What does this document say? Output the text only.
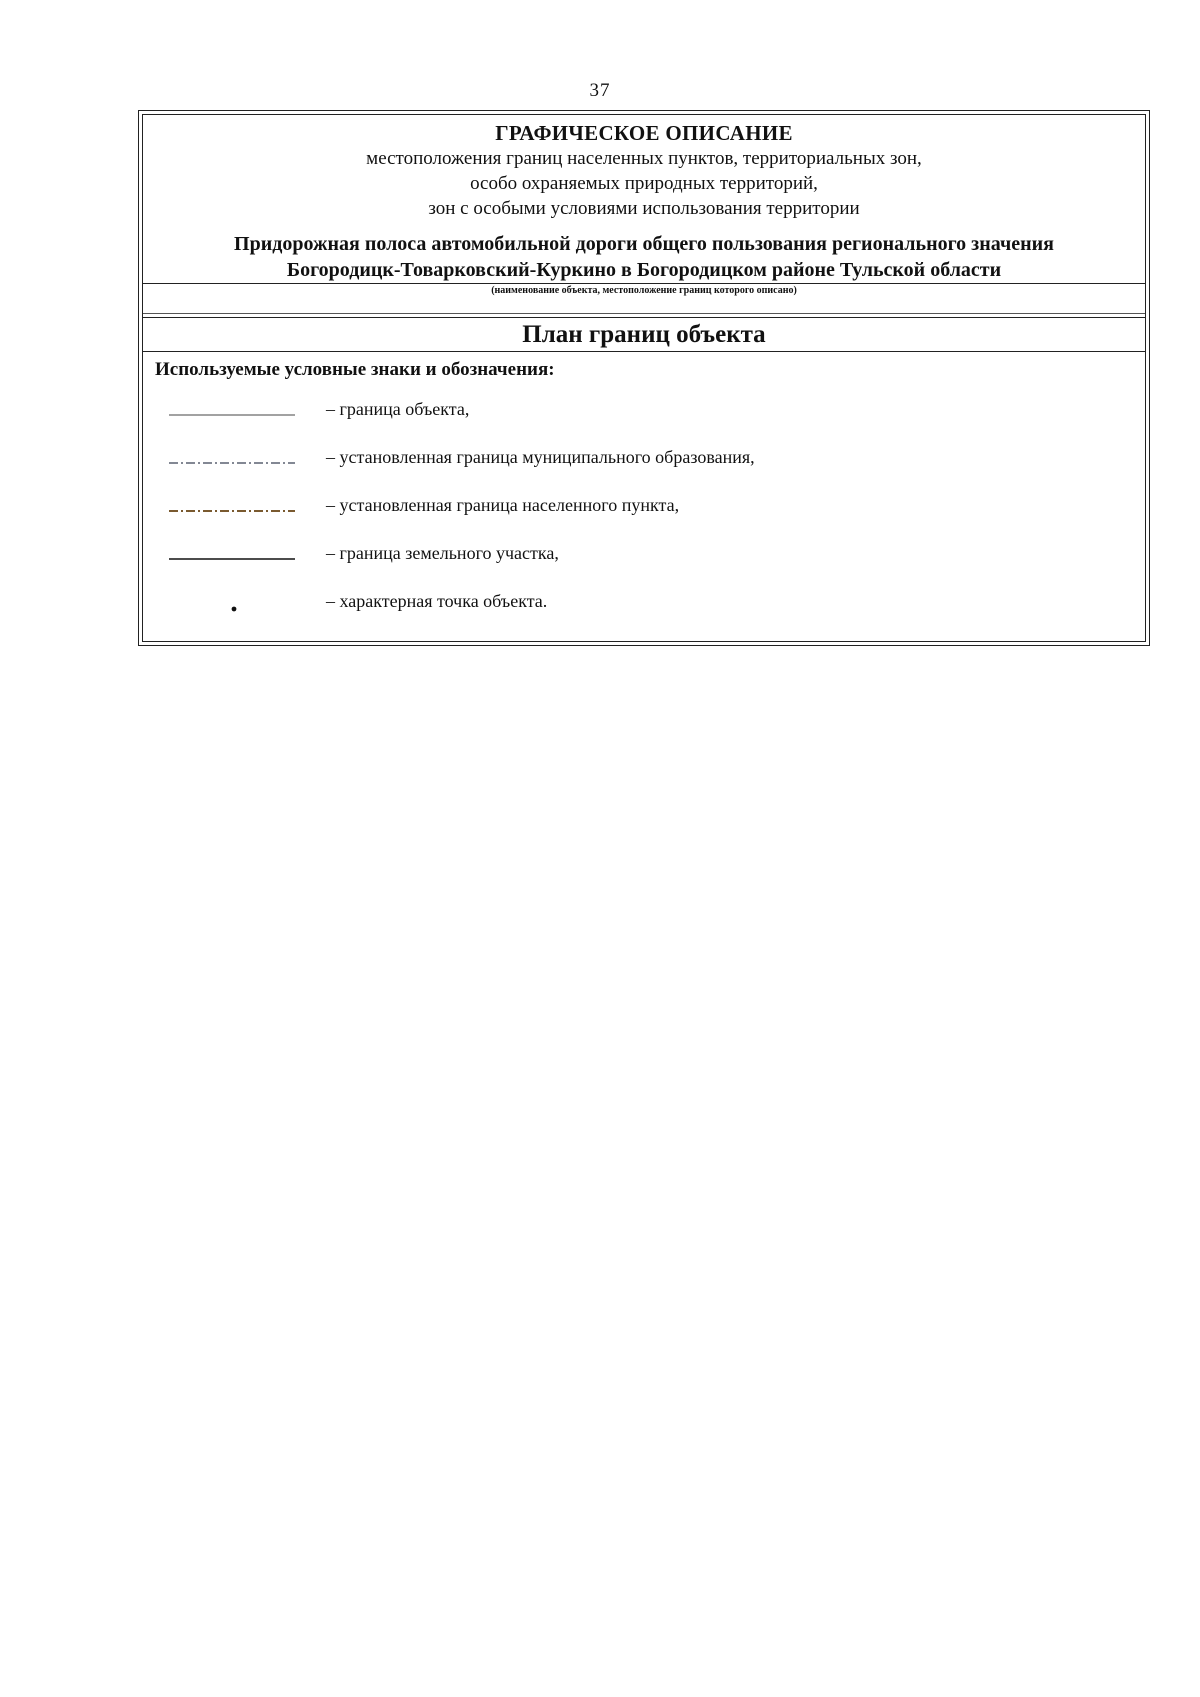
37
ГРАФИЧЕСКОЕ ОПИСАНИЕ
местоположения границ населенных пунктов, территориальных зон,
особо охраняемых природных территорий,
зон с особыми условиями использования территории
Придорожная полоса автомобильной дороги общего пользования регионального значения
Богородицк-Товарковский-Куркино в Богородицком районе Тульской области
(наименование объекта, местоположение границ которого описано)
План границ объекта
Используемые условные знаки и обозначения:
– граница объекта,
– установленная граница муниципального образования,
– установленная граница населенного пункта,
– граница земельного участка,
– характерная точка объекта.
